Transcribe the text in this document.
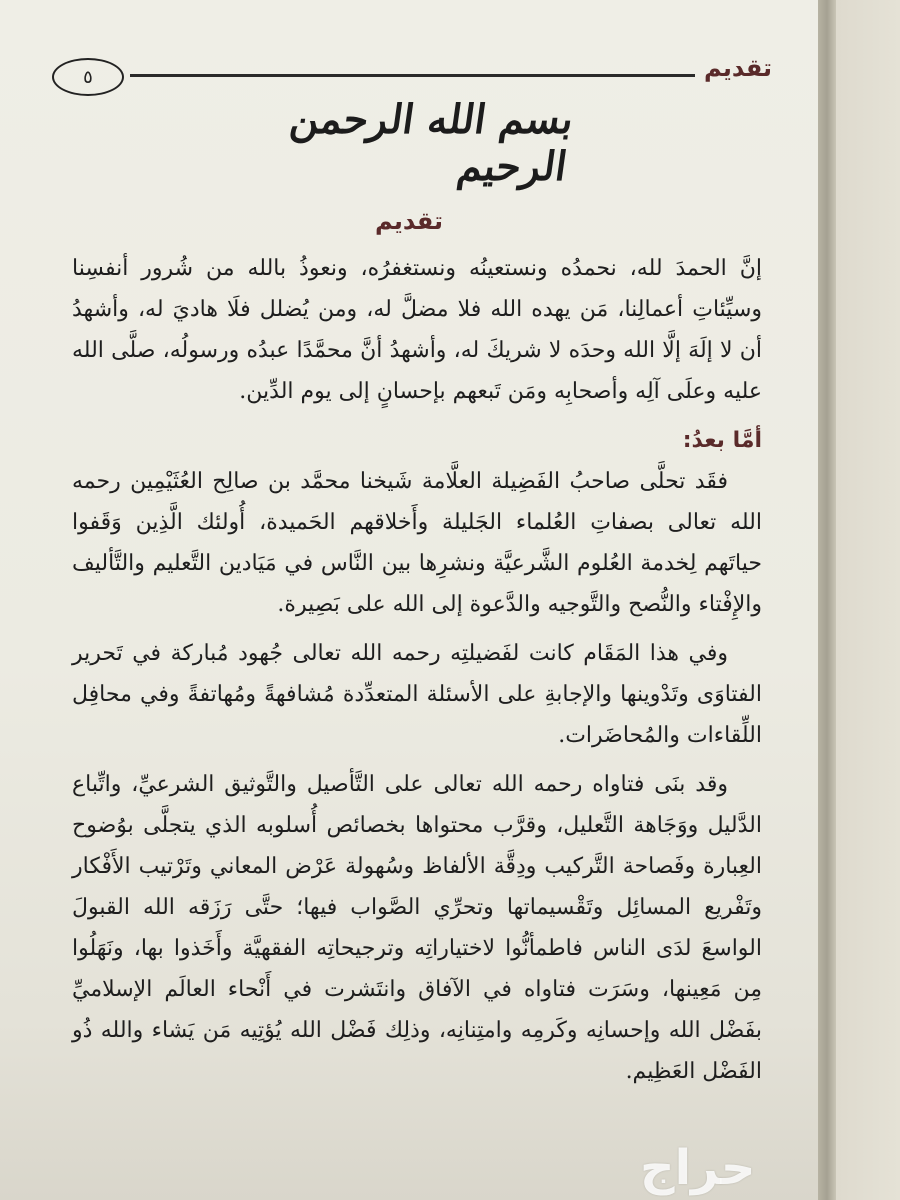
٥	تقديم
بسم الله الرحمن الرحيم
تقديم

إنَّ الحمدَ لله، نحمدُه ونستعينُه ونستغفرُه، ونعوذُ بالله من شُرور أنفسِنا وسيِّئاتِ أعمالِنا، مَن يهده الله فلا مضلَّ له، ومن يُضلل فلَا هاديَ له، وأشهدُ أن لا إلَهَ إلَّا الله وحدَه لا شريكَ له، وأشهدُ أنَّ محمَّدًا عبدُه ورسولُه، صلَّى الله عليه وعلَى آلِه وأصحابِه ومَن تَبعهم بإحسانٍ إلى يوم الدِّين.

أمَّا بعدُ:

فقَد تحلَّى صاحبُ الفَضِيلة العلَّامة شَيخنا محمَّد بن صالِح العُثَيْمِين رحمه الله تعالى بصفاتِ العُلماء الجَليلة وأَخلاقهم الحَميدة، أُولئك الَّذِين وَقَفوا حياتَهم لِخدمة العُلوم الشَّرعيَّة ونشرِها بين النَّاس في مَيَادين التَّعليم والتَّأليف والإِفْتاء والنُّصح والتَّوجيه والدَّعوة إلى الله على بَصِيرة.

وفي هذا المَقَام كانت لفَضيلتِه رحمه الله تعالى جُهود مُباركة في تَحرير الفتاوَى وتَدْوينها والإجابةِ على الأسئلة المتعدِّدة مُشافهةً ومُهاتفةً وفي محافِل اللِّقاءات والمُحاضَرات.

وقد بنَى فتاواه رحمه الله تعالى على التَّأصيل والتَّوثيق الشرعيِّ، واتِّباع الدَّليل ووَجَاهة التَّعليل، وقرَّب محتواها بخصائص أُسلوبه الذي يتجلَّى بوُضوح العِبارة وفَصاحة التَّركيب ودِقَّة الألفاظ وسُهولة عَرْض المعاني وتَرْتيب الأَفْكار وتَفْريع المسائِل وتَقْسيماتها وتحرِّي الصَّواب فيها؛ حتَّى رَزَقه الله القبولَ الواسعَ لدَى الناس فاطمأنُّوا لاختياراتِه وترجيحاتِه الفقهيَّة وأَخَذوا بها، ونَهَلُوا مِن مَعِينها، وسَرَت فتاواه في الآفاق وانتَشرت في أَنْحاء العالَم الإسلاميِّ بفَضْل الله وإحسانِه وكَرمِه وامتِنانِه، وذلِك فَضْل الله يُؤتِيه مَن يَشاء والله ذُو الفَضْل العَظِيم.

حراج
